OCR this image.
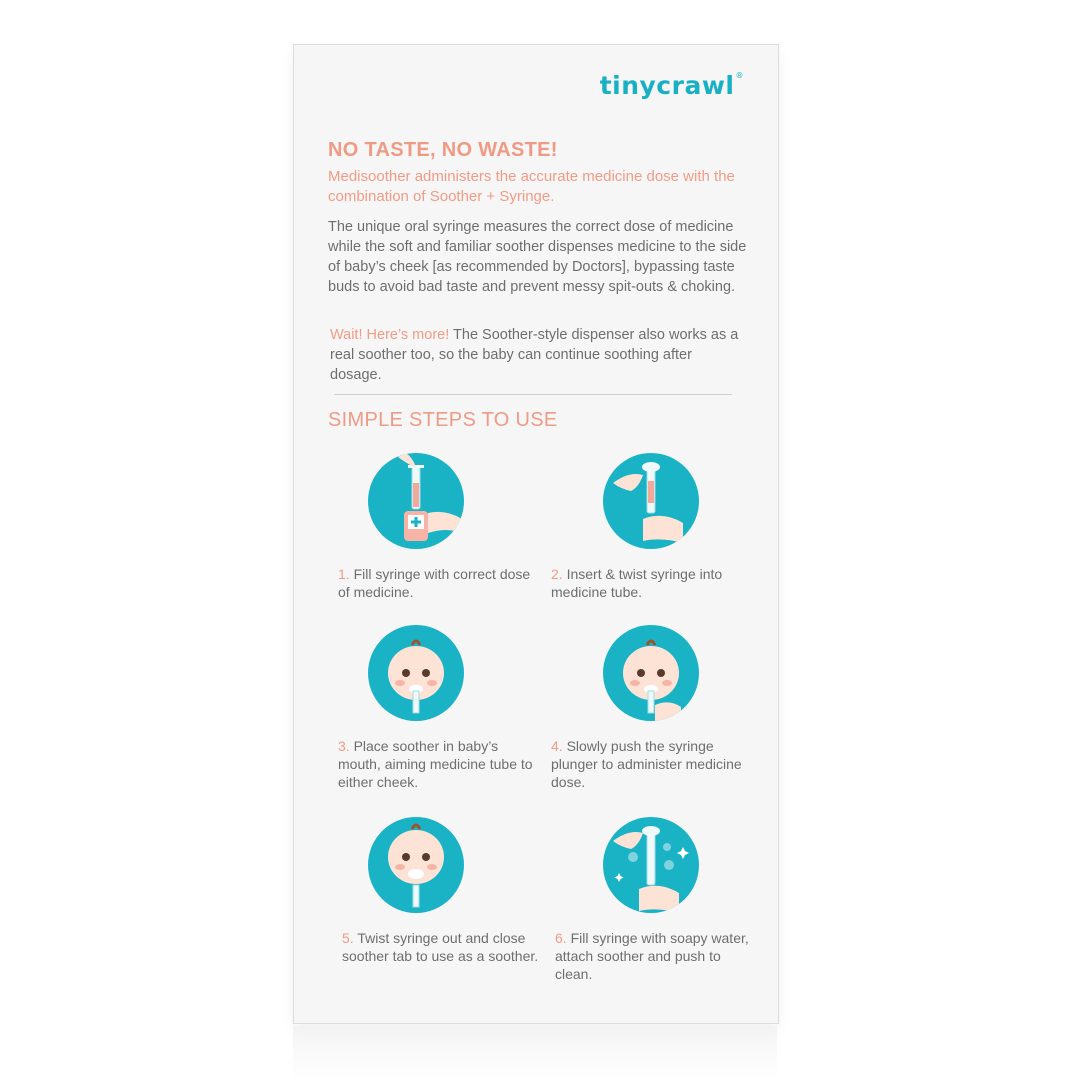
tinycrawl®
NO TASTE, NO WASTE!
Medisoother administers the accurate medicine dose with the combination of Soother + Syringe.
The unique oral syringe measures the correct dose of medicine while the soft and familiar soother dispenses medicine to the side of baby’s cheek [as recommended by Doctors], bypassing taste buds to avoid bad taste and prevent messy spit-outs & choking.
Wait! Here’s more! The Soother-style dispenser also works as a real soother too, so the baby can continue soothing after dosage.
SIMPLE STEPS TO USE
1. Fill syringe with correct dose of medicine.
2. Insert & twist syringe into medicine tube.
3. Place soother in baby’s mouth, aiming medicine tube to either cheek.
4. Slowly push the syringe plunger to administer medicine dose.
5. Twist syringe out and close soother tab to use as a soother.
6. Fill syringe with soapy water, attach soother and push to clean.
